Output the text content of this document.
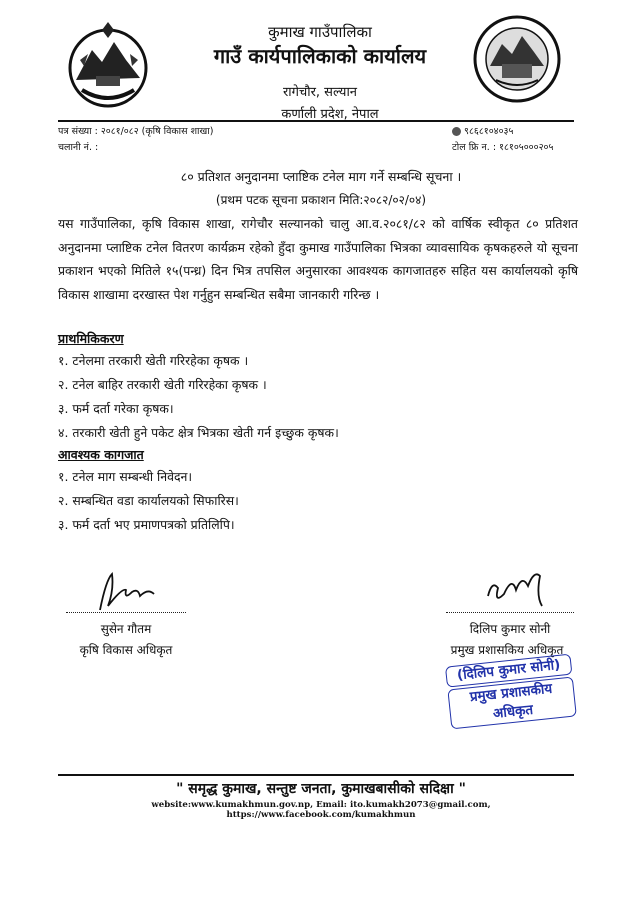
कुमाख गाउँपालिका
गाउँ कार्यपालिकाको कार्यालय
रागेचौर, सल्यान
कर्णाली प्रदेश, नेपाल
पत्र संख्या : २०८१/०८२ (कृषि विकास शाखा)
चलानी नं. :
९८६८१०४०३५
टोल फ्रि न. : १८१०५०००२०५
८० प्रतिशत अनुदानमा प्लाष्टिक टनेल माग गर्ने सम्बन्धि सूचना ।
(प्रथम पटक सूचना प्रकाशन मिति:२०८२/०२/०४)
यस गाउँपालिका, कृषि विकास शाखा, रागेचौर सल्यानको चालु आ.व.२०८१/८२ को वार्षिक स्वीकृत ८० प्रतिशत अनुदानमा प्लाष्टिक टनेल वितरण कार्यक्रम रहेको हुँदा कुमाख गाउँपालिका भित्रका व्यावसायिक कृषकहरुले यो सूचना प्रकाशन भएको मितिले १५(पन्ध्र) दिन भित्र तपसिल अनुसारका आवश्यक कागजातहरु सहित यस कार्यालयको कृषि विकास शाखामा दरखास्त पेश गर्नुहुन सम्बन्धित सबैमा जानकारी गरिन्छ ।
प्राथमिकिकरण
१. टनेलमा तरकारी खेती गरिरहेका कृषक ।
२. टनेल बाहिर तरकारी खेती गरिरहेका कृषक ।
३. फर्म दर्ता गरेका कृषक।
४. तरकारी खेती हुने पकेट क्षेत्र भित्रका खेती गर्न इच्छुक कृषक।
आवश्यक कागजात
१. टनेल माग सम्बन्धी निवेदन।
२. सम्बन्धित वडा कार्यालयको सिफारिस।
३. फर्म दर्ता भए प्रमाणपत्रको प्रतिलिपि।
सुसेन गौतम
कृषि विकास अधिकृत
दिलिप कुमार सोनी
प्रमुख प्रशासकिय अधिकृत
(दिलिप कुमार सोनी)
प्रमुख प्रशासकीय अधिकृत
" समृद्ध कुमाख, सन्तुष्ट जनता, कुमाखबासीको सदिक्षा "
website:www.kumakhmun.gov.np, Email: ito.kumakh2073@gmail.com, https://www.facebook.com/kumakhmun
